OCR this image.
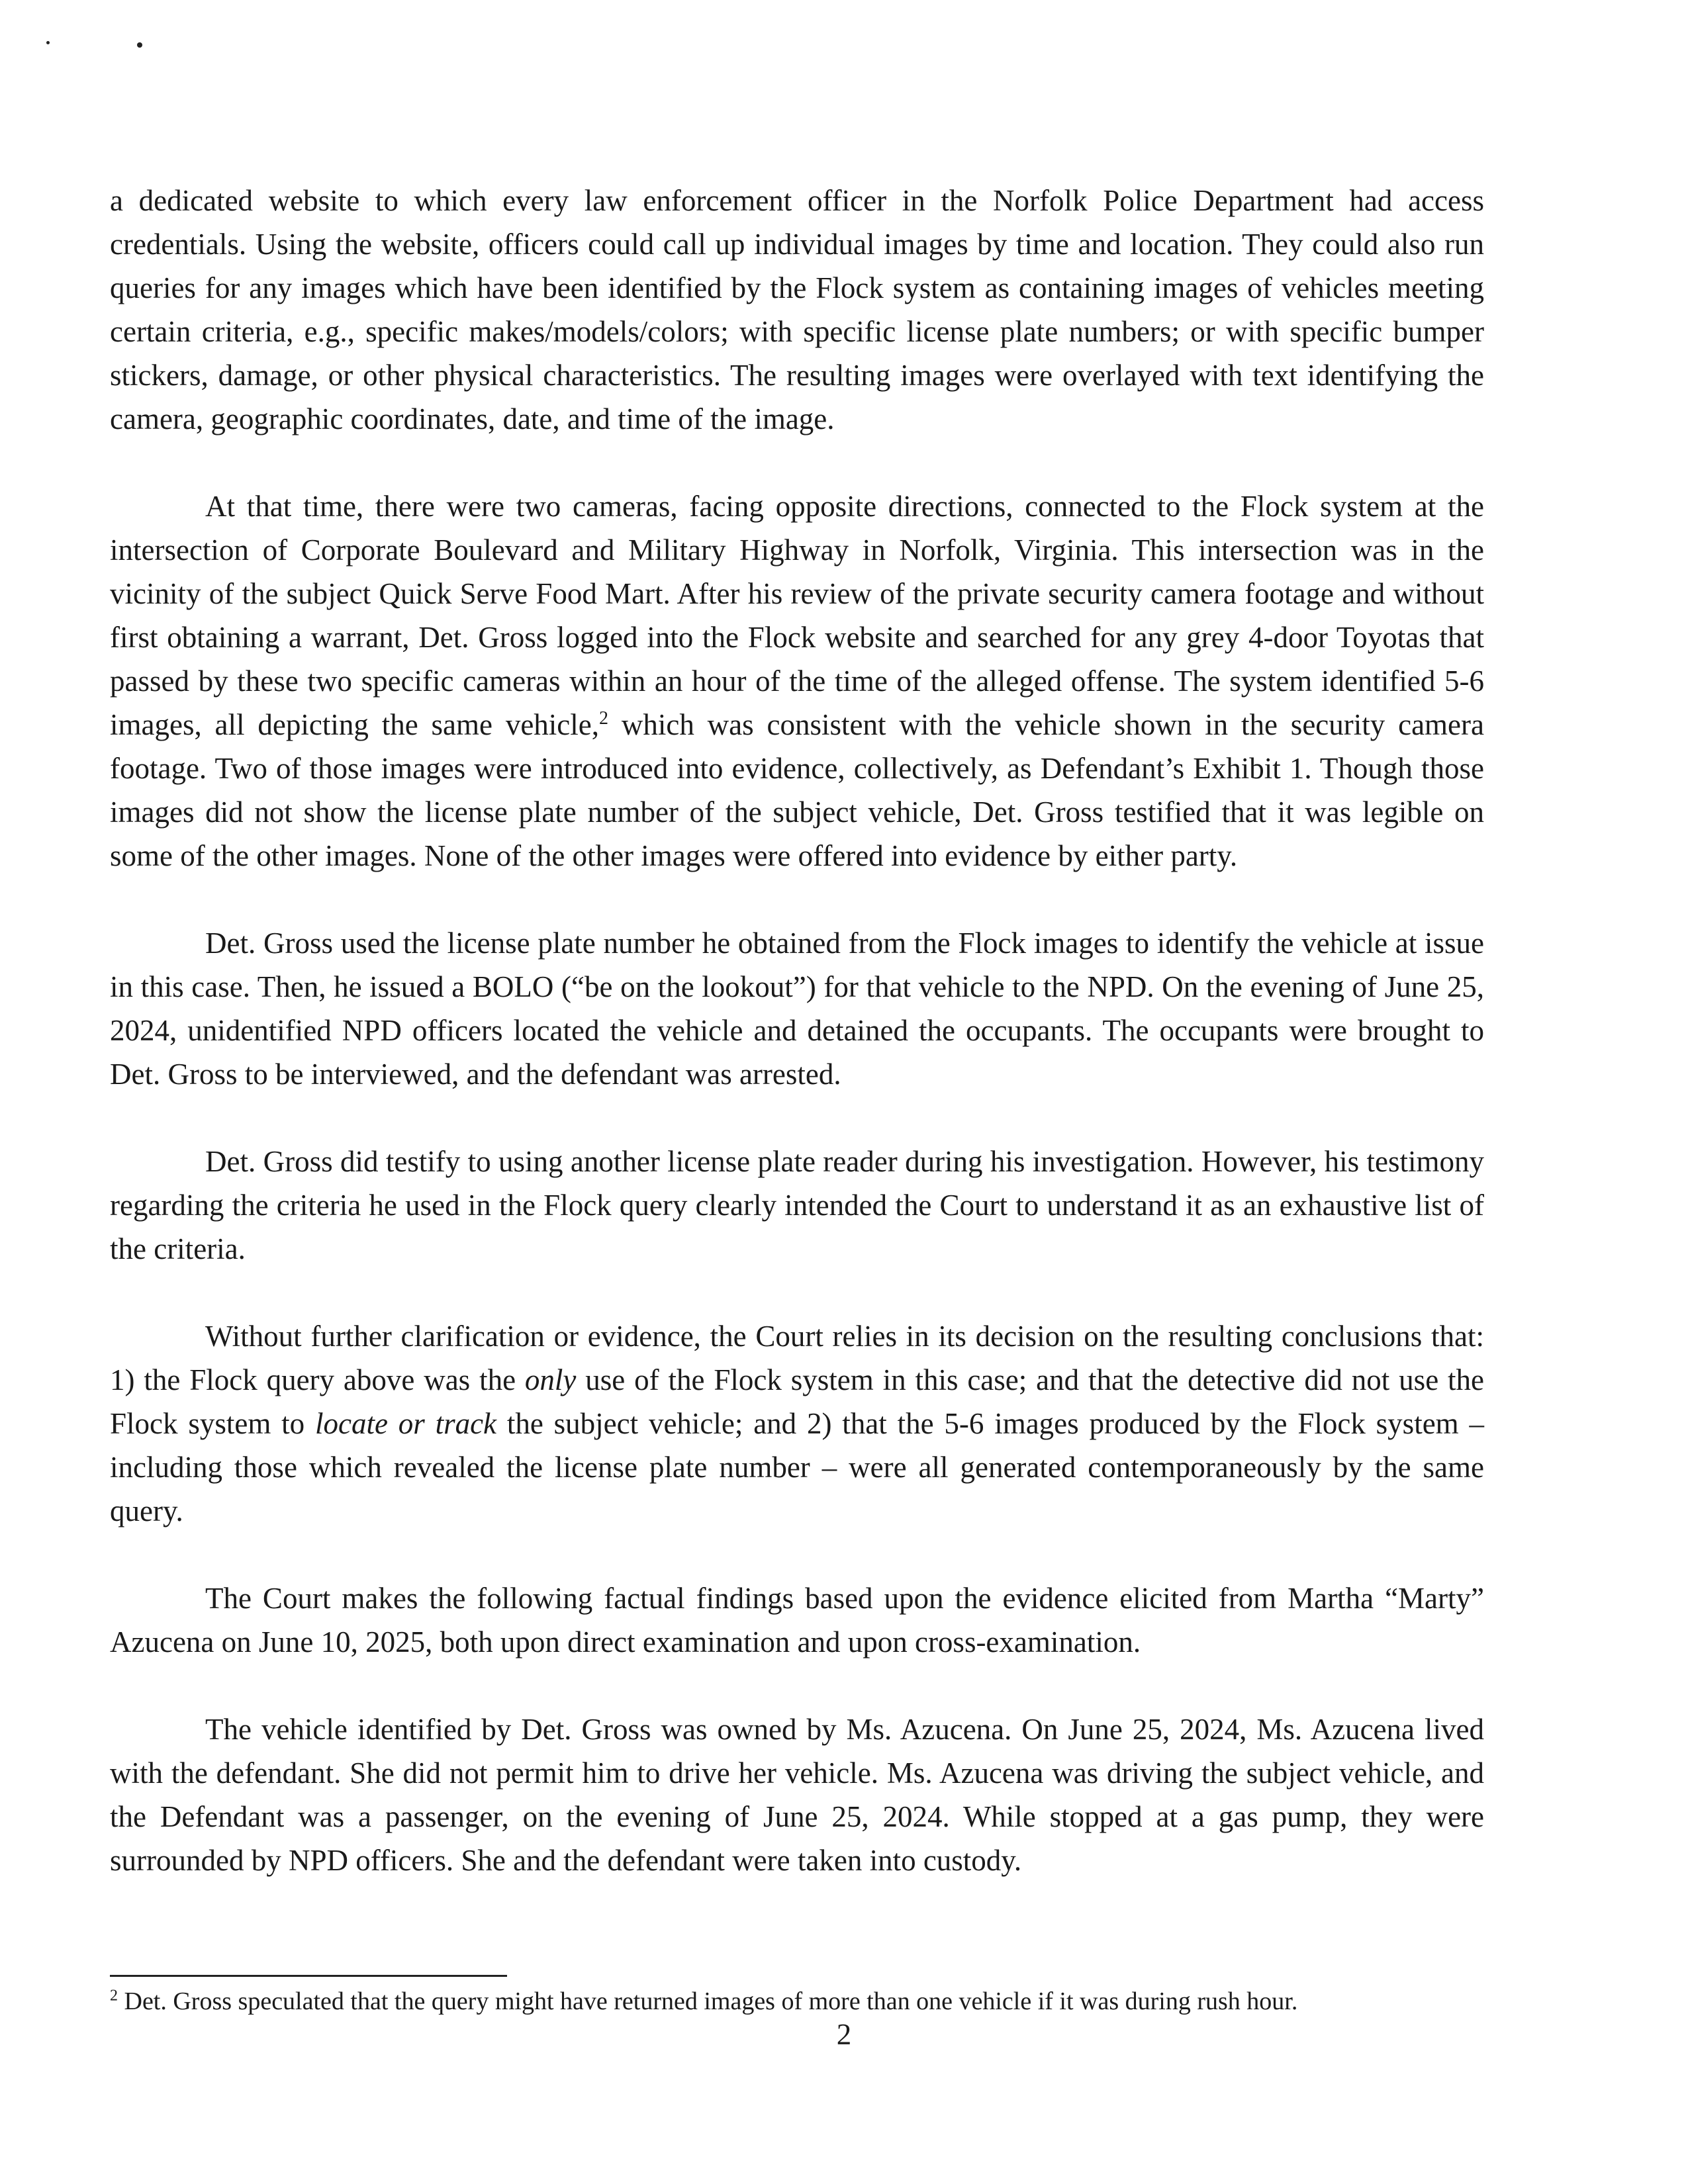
a dedicated website to which every law enforcement officer in the Norfolk Police Department had access credentials. Using the website, officers could call up individual images by time and location. They could also run queries for any images which have been identified by the Flock system as containing images of vehicles meeting certain criteria, e.g., specific makes/models/colors; with specific license plate numbers; or with specific bumper stickers, damage, or other physical characteristics. The resulting images were overlayed with text identifying the camera, geographic coordinates, date, and time of the image.

At that time, there were two cameras, facing opposite directions, connected to the Flock system at the intersection of Corporate Boulevard and Military Highway in Norfolk, Virginia. This intersection was in the vicinity of the subject Quick Serve Food Mart. After his review of the private security camera footage and without first obtaining a warrant, Det. Gross logged into the Flock website and searched for any grey 4-door Toyotas that passed by these two specific cameras within an hour of the time of the alleged offense. The system identified 5-6 images, all depicting the same vehicle,$^2$ which was consistent with the vehicle shown in the security camera footage. Two of those images were introduced into evidence, collectively, as Defendant’s Exhibit 1. Though those images did not show the license plate number of the subject vehicle, Det. Gross testified that it was legible on some of the other images. None of the other images were offered into evidence by either party.

Det. Gross used the license plate number he obtained from the Flock images to identify the vehicle at issue in this case. Then, he issued a BOLO (“be on the lookout”) for that vehicle to the NPD. On the evening of June 25, 2024, unidentified NPD officers located the vehicle and detained the occupants. The occupants were brought to Det. Gross to be interviewed, and the defendant was arrested.

Det. Gross did testify to using another license plate reader during his investigation. However, his testimony regarding the criteria he used in the Flock query clearly intended the Court to understand it as an exhaustive list of the criteria.

Without further clarification or evidence, the Court relies in its decision on the resulting conclusions that: 1) the Flock query above was the only use of the Flock system in this case; and that the detective did not use the Flock system to locate or track the subject vehicle; and 2) that the 5-6 images produced by the Flock system – including those which revealed the license plate number – were all generated contemporaneously by the same query.

The Court makes the following factual findings based upon the evidence elicited from Martha “Marty” Azucena on June 10, 2025, both upon direct examination and upon cross-examination.

The vehicle identified by Det. Gross was owned by Ms. Azucena. On June 25, 2024, Ms. Azucena lived with the defendant. She did not permit him to drive her vehicle. Ms. Azucena was driving the subject vehicle, and the Defendant was a passenger, on the evening of June 25, 2024. While stopped at a gas pump, they were surrounded by NPD officers. She and the defendant were taken into custody.

$^2$ Det. Gross speculated that the query might have returned images of more than one vehicle if it was during rush hour.
2
